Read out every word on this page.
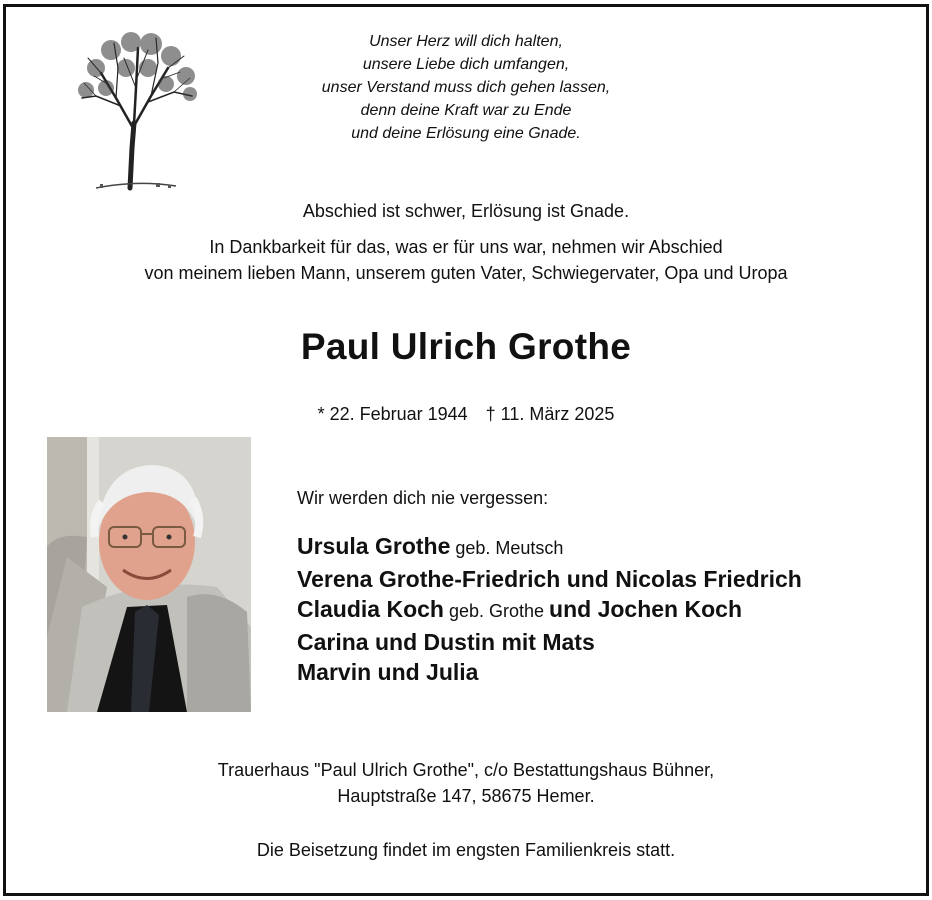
Unser Herz will dich halten,
unsere Liebe dich umfangen,
unser Verstand muss dich gehen lassen,
denn deine Kraft war zu Ende
und deine Erlösung eine Gnade.
Abschied ist schwer, Erlösung ist Gnade.
In Dankbarkeit für das, was er für uns war, nehmen wir Abschied
von meinem lieben Mann, unserem guten Vater, Schwiegervater, Opa und Uropa
Paul Ulrich Grothe
* 22. Februar 1944 † 11. März 2025
Wir werden dich nie vergessen:
Ursula Grothe geb. Meutsch
Verena Grothe-Friedrich und Nicolas Friedrich
Claudia Koch geb. Grothe und Jochen Koch
Carina und Dustin mit Mats
Marvin und Julia
Trauerhaus "Paul Ulrich Grothe", c/o Bestattungshaus Bühner,
Hauptstraße 147, 58675 Hemer.
Die Beisetzung findet im engsten Familienkreis statt.
